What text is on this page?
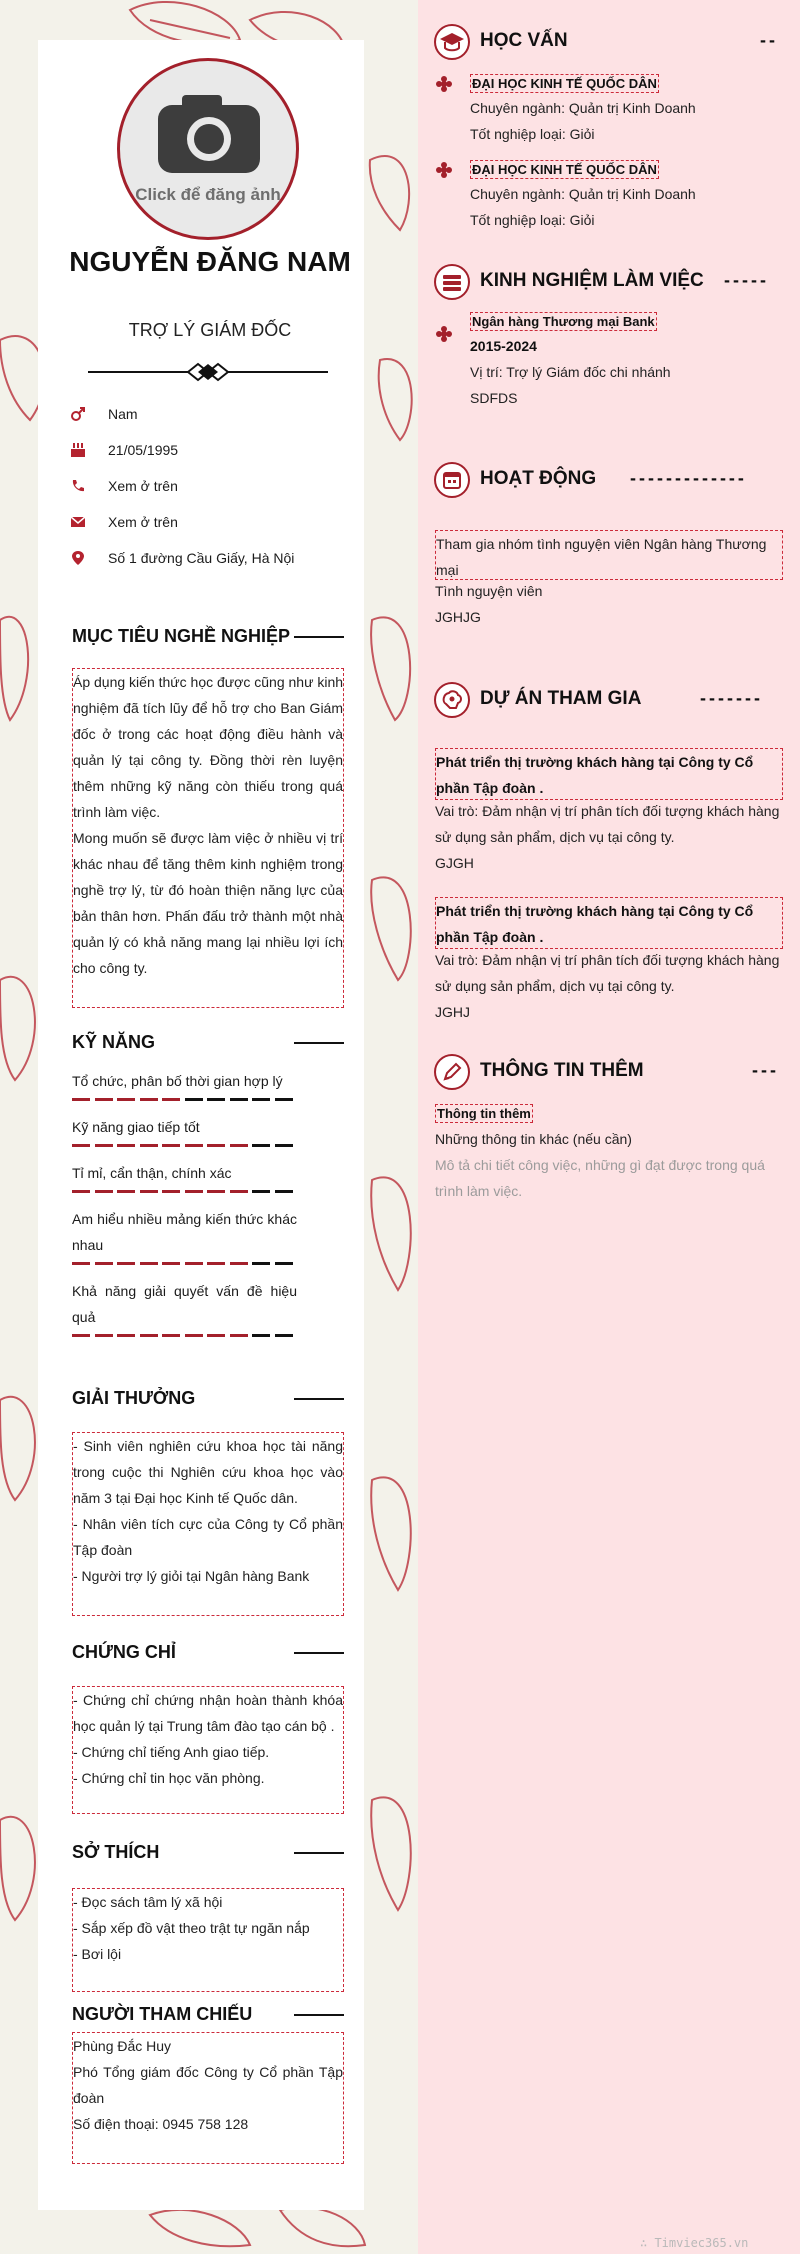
Click để đăng ảnh
NGUYỄN ĐĂNG NAM
TRỢ LÝ GIÁM ĐỐC
Nam
21/05/1995
Xem ở trên
Xem ở trên
Số 1 đường Cầu Giấy, Hà Nội
MỤC TIÊU NGHỀ NGHIỆP
Áp dụng kiến thức học được cũng như kinh nghiệm đã tích lũy để hỗ trợ cho Ban Giám đốc ở trong các hoạt động điều hành và quản lý tại công ty. Đồng thời rèn luyện thêm những kỹ năng còn thiếu trong quá trình làm việc.
Mong muốn sẽ được làm việc ở nhiều vị trí khác nhau để tăng thêm kinh nghiệm trong nghề trợ lý, từ đó hoàn thiện năng lực của bản thân hơn. Phấn đấu trở thành một nhà quản lý có khả năng mang lại nhiều lợi ích cho công ty.
KỸ NĂNG
Tổ chức, phân bố thời gian hợp lý
Kỹ năng giao tiếp tốt
Tỉ mỉ, cẩn thận, chính xác
Am hiểu nhiều mảng kiến thức khác nhau
Khả năng giải quyết vấn đề hiệu quả
GIẢI THƯỞNG
- Sinh viên nghiên cứu khoa học tài năng trong cuộc thi Nghiên cứu khoa học vào năm 3 tại Đại học Kinh tế Quốc dân.
- Nhân viên tích cực của Công ty Cổ phần Tập đoàn
- Người trợ lý giỏi tại Ngân hàng Bank
CHỨNG CHỈ
- Chứng chỉ chứng nhận hoàn thành khóa học quản lý tại Trung tâm đào tạo cán bộ .
- Chứng chỉ tiếng Anh giao tiếp.
- Chứng chỉ tin học văn phòng.
SỞ THÍCH
- Đọc sách tâm lý xã hội
- Sắp xếp đồ vật theo trật tự ngăn nắp
- Bơi lội
NGƯỜI THAM CHIẾU
Phùng Đắc Huy
Phó Tổng giám đốc Công ty Cổ phần Tập đoàn
Số điện thoại: 0945 758 128
HỌC VẤN	--
ĐẠI HỌC KINH TẾ QUỐC DÂN
Chuyên ngành: Quản trị Kinh Doanh
Tốt nghiệp loại: Giỏi
ĐẠI HỌC KINH TẾ QUỐC DÂN
Chuyên ngành: Quản trị Kinh Doanh
Tốt nghiệp loại: Giỏi
KINH NGHIỆM LÀM VIỆC -----
Ngân hàng Thương mại Bank
2015-2024
Vị trí: Trợ lý Giám đốc chi nhánh
SDFDS
HOẠT ĐỘNG -------------
Tham gia nhóm tình nguyện viên Ngân hàng Thương mại
Tình nguyện viên
JGHJG
DỰ ÁN THAM GIA	-------
Phát triển thị trường khách hàng tại Công ty Cổ phần Tập đoàn .
Vai trò: Đảm nhận vị trí phân tích đối tượng khách hàng sử dụng sản phẩm, dịch vụ tại công ty.
GJGH
Phát triển thị trường khách hàng tại Công ty Cổ phần Tập đoàn .
Vai trò: Đảm nhận vị trí phân tích đối tượng khách hàng sử dụng sản phẩm, dịch vụ tại công ty.
JGHJ
THÔNG TIN THÊM	---
Thông tin thêm
Những thông tin khác (nếu cần)
Mô tả chi tiết công việc, những gì đạt được trong quá trình làm việc.
∴ Timviec365.vn
